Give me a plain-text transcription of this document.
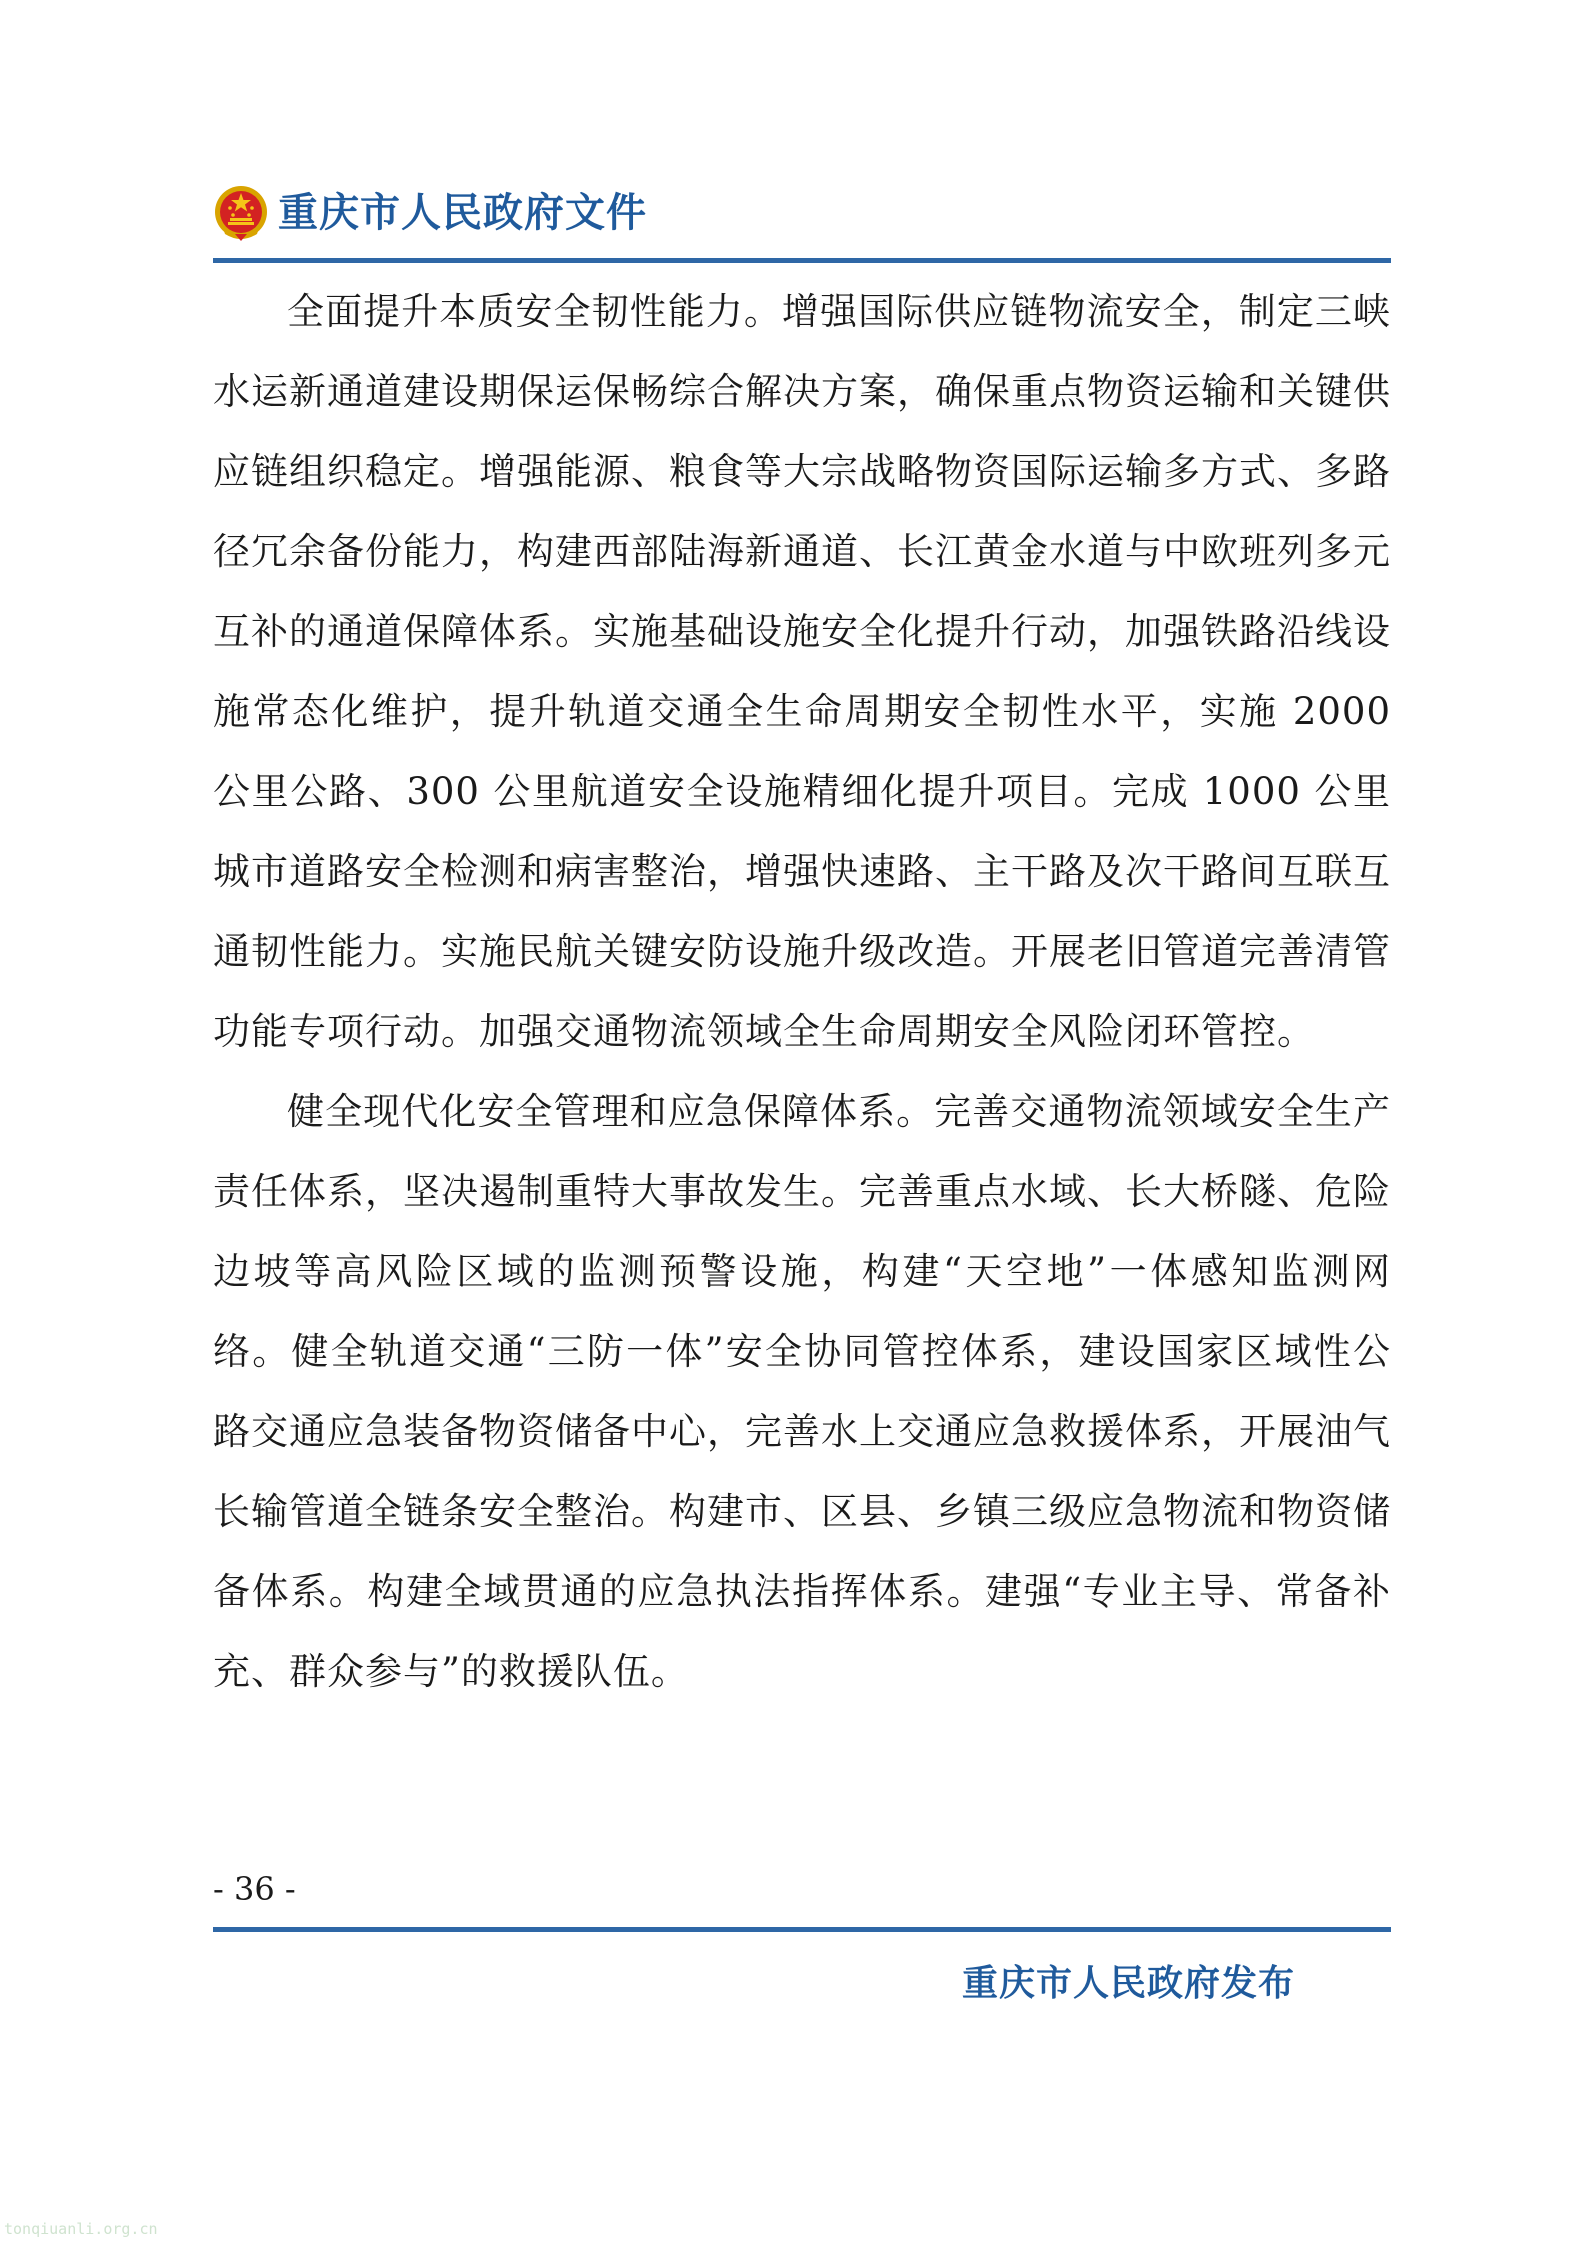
重庆市人民政府文件

全面提升本质安全韧性能力。增强国际供应链物流安全，制定三峡水运新通道建设期保运保畅综合解决方案，确保重点物资运输和关键供应链组织稳定。增强能源、粮食等大宗战略物资国际运输多方式、多路径冗余备份能力，构建西部陆海新通道、长江黄金水道与中欧班列多元互补的通道保障体系。实施基础设施安全化提升行动，加强铁路沿线设施常态化维护，提升轨道交通全生命周期安全韧性水平，实施 2000 公里公路、300 公里航道安全设施精细化提升项目。完成 1000 公里城市道路安全检测和病害整治，增强快速路、主干路及次干路间互联互通韧性能力。实施民航关键安防设施升级改造。开展老旧管道完善清管功能专项行动。加强交通物流领域全生命周期安全风险闭环管控。

健全现代化安全管理和应急保障体系。完善交通物流领域安全生产责任体系，坚决遏制重特大事故发生。完善重点水域、长大桥隧、危险边坡等高风险区域的监测预警设施，构建“天空地”一体感知监测网络。健全轨道交通“三防一体”安全协同管控体系，建设国家区域性公路交通应急装备物资储备中心，完善水上交通应急救援体系，开展油气长输管道全链条安全整治。构建市、区县、乡镇三级应急物流和物资储备体系。构建全域贯通的应急执法指挥体系。建强“专业主导、常备补充、群众参与”的救援队伍。

- 36 -
重庆市人民政府发布
tonqiuanli.org.cn
